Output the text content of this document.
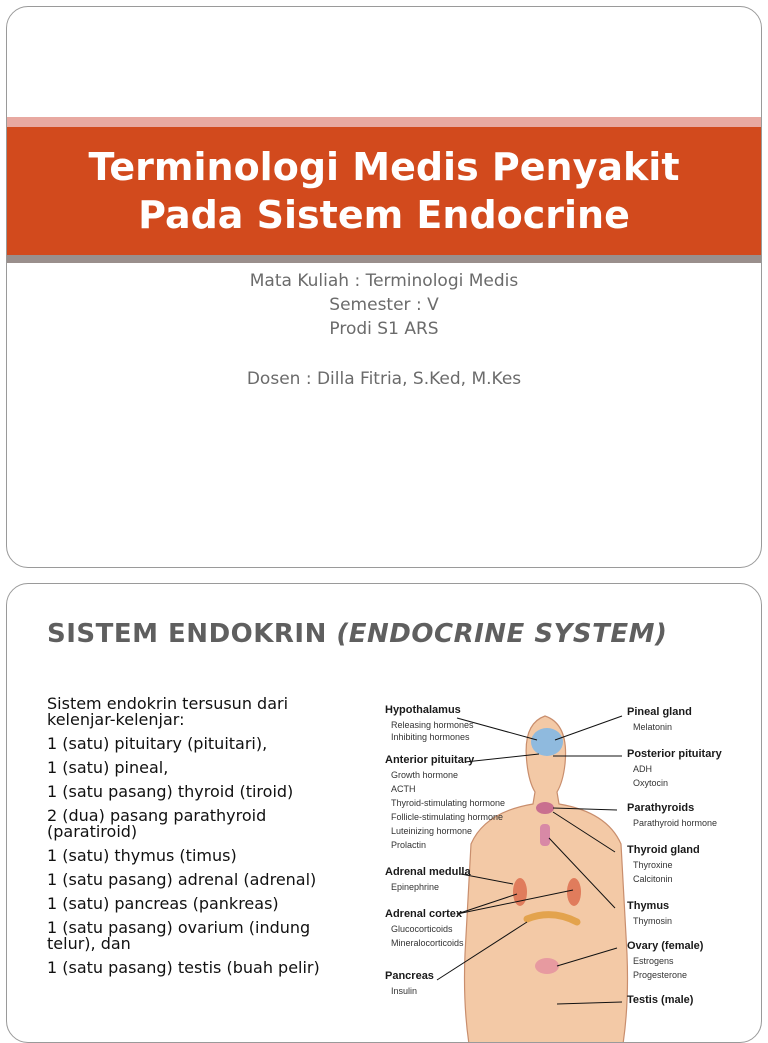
Terminologi Medis Penyakit
Pada Sistem Endocrine
Mata Kuliah : Terminologi Medis
Semester : V
Prodi S1 ARS
Dosen : Dilla Fitria, S.Ked, M.Kes
SISTEM ENDOKRIN (ENDOCRINE SYSTEM)
Sistem endokrin tersusun dari kelenjar-kelenjar:
1 (satu) pituitary (pituitari),
1 (satu) pineal,
1 (satu pasang) thyroid (tiroid)
2 (dua) pasang parathyroid (paratiroid)
1 (satu) thymus (timus)
1 (satu pasang) adrenal (adrenal)
1 (satu) pancreas (pankreas)
1 (satu pasang) ovarium (indung telur), dan
1 (satu pasang) testis (buah pelir)
Hypothalamus
Releasing hormones
Inhibiting hormones
Anterior pituitary
Growth hormone
ACTH
Thyroid-stimulating hormone
Follicle-stimulating hormone
Luteinizing hormone
Prolactin
Adrenal medulla
Epinephrine
Adrenal cortex
Glucocorticoids
Mineralocorticoids
Pancreas
Insulin
Pineal gland
Melatonin
Posterior pituitary
ADH
Oxytocin
Parathyroids
Parathyroid hormone
Thyroid gland
Thyroxine
Calcitonin
Thymus
Thymosin
Ovary (female)
Estrogens
Progesterone
Testis (male)
